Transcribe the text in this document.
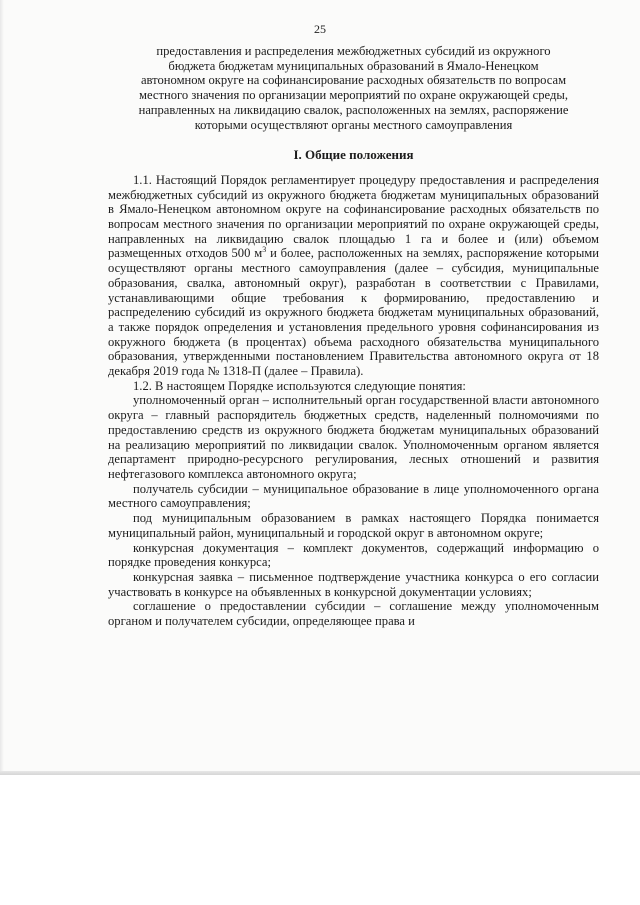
25
предоставления и распределения межбюджетных субсидий из окружного
бюджета бюджетам муниципальных образований в Ямало-Ненецком
автономном округе на софинансирование расходных обязательств по вопросам
местного значения по организации мероприятий по охране окружающей среды,
направленных на ликвидацию свалок, расположенных на землях, распоряжение
которыми осуществляют органы местного самоуправления
I. Общие положения

1.1. Настоящий Порядок регламентирует процедуру предоставления и распределения межбюджетных субсидий из окружного бюджета бюджетам муниципальных образований в Ямало-Ненецком автономном округе на софинансирование расходных обязательств по вопросам местного значения по организации мероприятий по охране окружающей среды, направленных на ликвидацию свалок площадью 1 га и более и (или) объемом размещенных отходов 500 $м^3$ и более, расположенных на землях, распоряжение которыми осуществляют органы местного самоуправления (далее – субсидия, муниципальные образования, свалка, автономный округ), разработан в соответствии с Правилами, устанавливающими общие требования к формированию, предоставлению и распределению субсидий из окружного бюджета бюджетам муниципальных образований, а также порядок определения и установления предельного уровня софинансирования из окружного бюджета (в процентах) объема расходного обязательства муниципального образования, утвержденными постановлением Правительства автономного округа от 18 декабря 2019 года № 1318-П (далее – Правила).

1.2. В настоящем Порядке используются следующие понятия:

уполномоченный орган – исполнительный орган государственной власти автономного округа – главный распорядитель бюджетных средств, наделенный полномочиями по предоставлению средств из окружного бюджета бюджетам муниципальных образований на реализацию мероприятий по ликвидации свалок. Уполномоченным органом является департамент природно-ресурсного регулирования, лесных отношений и развития нефтегазового комплекса автономного округа;

получатель субсидии – муниципальное образование в лице уполномоченного органа местного самоуправления;

под муниципальным образованием в рамках настоящего Порядка понимается муниципальный район, муниципальный и городской округ в автономном округе;

конкурсная документация – комплект документов, содержащий информацию о порядке проведения конкурса;

конкурсная заявка – письменное подтверждение участника конкурса о его согласии участвовать в конкурсе на объявленных в конкурсной документации условиях;

соглашение о предоставлении субсидии – соглашение между уполномоченным органом и получателем субсидии, определяющее права и
